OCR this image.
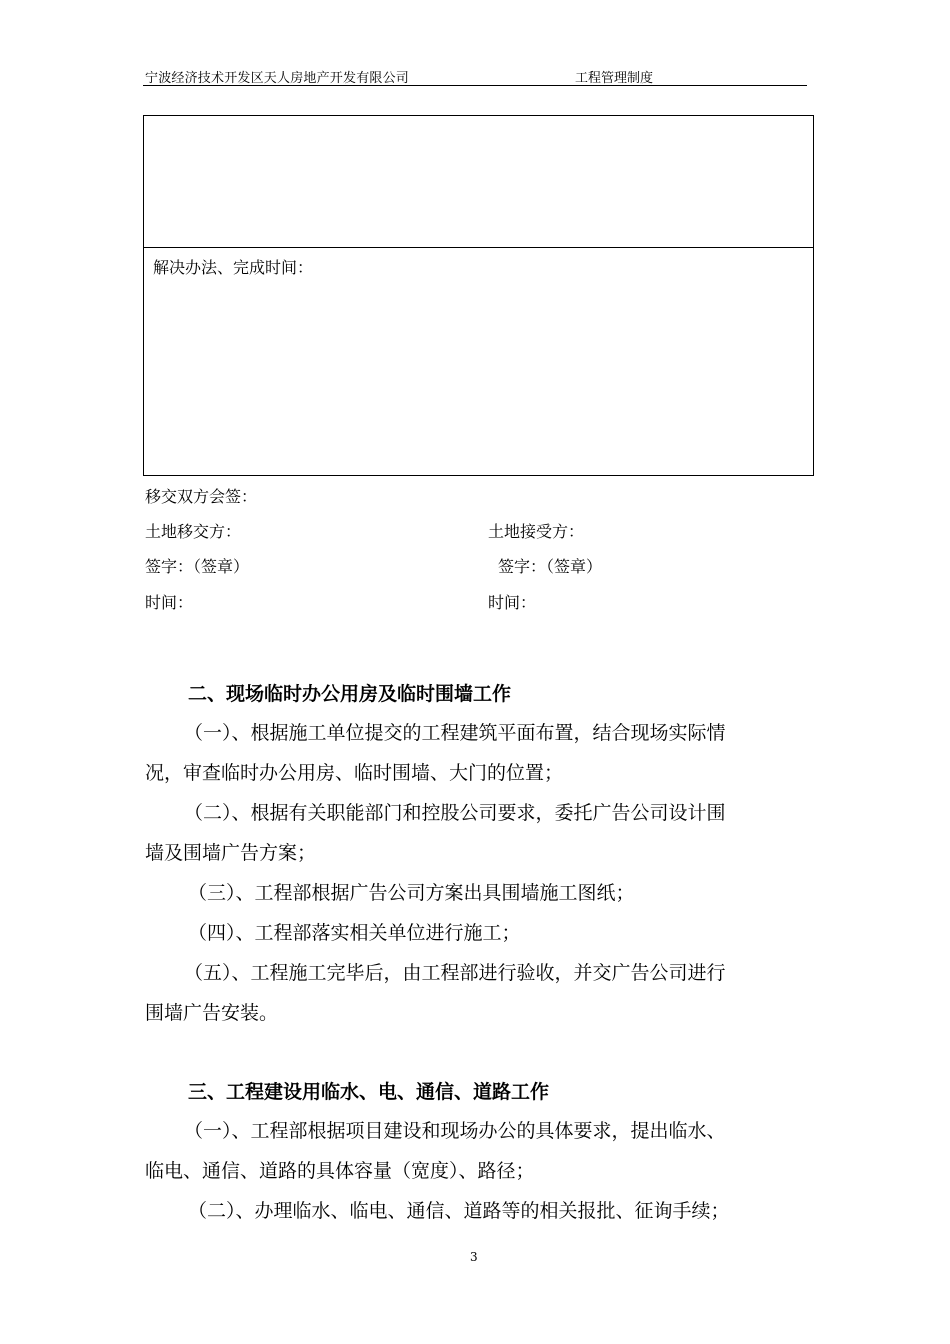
宁波经济技术开发区天人房地产开发有限公司	工程管理制度
解决办法、完成时间：
移交双方会签：
土地移交方：	土地接受方：
签字：（签章）	签字：（签章）
时间：	时间：
二、现场临时办公用房及临时围墙工作
（一）、根据施工单位提交的工程建筑平面布置，结合现场实际情
况，审查临时办公用房、临时围墙、大门的位置；
（二）、根据有关职能部门和控股公司要求，委托广告公司设计围
墙及围墙广告方案；
（三）、工程部根据广告公司方案出具围墙施工图纸；
（四）、工程部落实相关单位进行施工；
（五）、工程施工完毕后，由工程部进行验收，并交广告公司进行
围墙广告安装。
三、工程建设用临水、电、通信、道路工作
（一）、工程部根据项目建设和现场办公的具体要求，提出临水、
临电、通信、道路的具体容量（宽度）、路径；
（二）、办理临水、临电、通信、道路等的相关报批、征询手续；
3
